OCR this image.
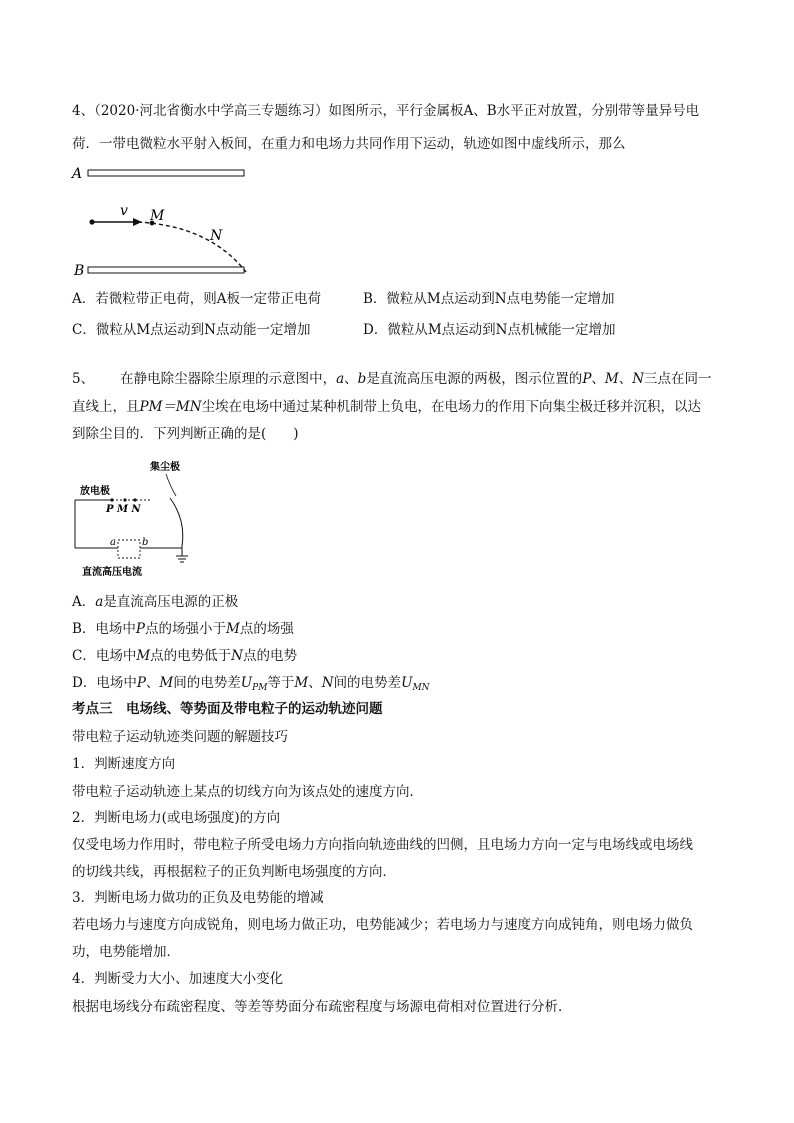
4、（2020·河北省衡水中学高三专题练习）如图所示，平行金属板A、B水平正对放置，分别带等量异号电
荷．一带电微粒水平射入板间，在重力和电场力共同作用下运动，轨迹如图中虚线所示，那么
A
v M
N
B
A．若微粒带正电荷，则A板一定带正电荷	B．微粒从M点运动到N点电势能一定增加
C．微粒从M点运动到N点动能一定增加	D．微粒从M点运动到N点机械能一定增加
5、 在静电除尘器除尘原理的示意图中，a、b是直流高压电源的两极，图示位置的P、M、N三点在同一
直线上，且PM＝MN尘埃在电场中通过某种机制带上负电，在电场力的作用下向集尘极迁移并沉积，以达
到除尘目的．下列判断正确的是(　　)
集尘极
放电极
P M N
a	b
直流高压电流
A．a是直流高压电源的正极
B．电场中P点的场强小于M点的场强
C．电场中M点的电势低于N点的电势
D．电场中P、M间的电势差$U_{PM}$等于M、N间的电势差$U_{MN}$
考点三　电场线、等势面及带电粒子的运动轨迹问题
带电粒子运动轨迹类问题的解题技巧
1．判断速度方向
带电粒子运动轨迹上某点的切线方向为该点处的速度方向．
2．判断电场力(或电场强度)的方向
仅受电场力作用时，带电粒子所受电场力方向指向轨迹曲线的凹侧，且电场力方向一定与电场线或电场线
的切线共线，再根据粒子的正负判断电场强度的方向．
3．判断电场力做功的正负及电势能的增减
若电场力与速度方向成锐角，则电场力做正功，电势能减少；若电场力与速度方向成钝角，则电场力做负
功，电势能增加．
4．判断受力大小、加速度大小变化
根据电场线分布疏密程度、等差等势面分布疏密程度与场源电荷相对位置进行分析．
